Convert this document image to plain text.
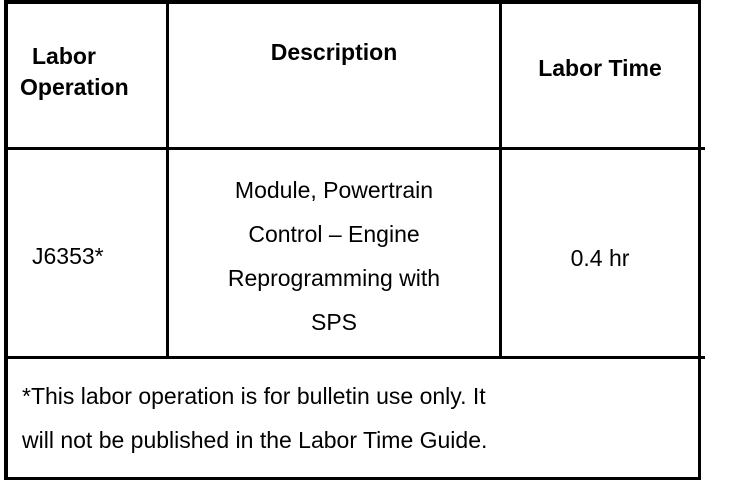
Labor
Operation
Description
Labor Time
J6353*
Module, Powertrain
Control – Engine
Reprogramming with
SPS
0.4 hr
*This labor operation is for bulletin use only. It
will not be published in the Labor Time Guide.
